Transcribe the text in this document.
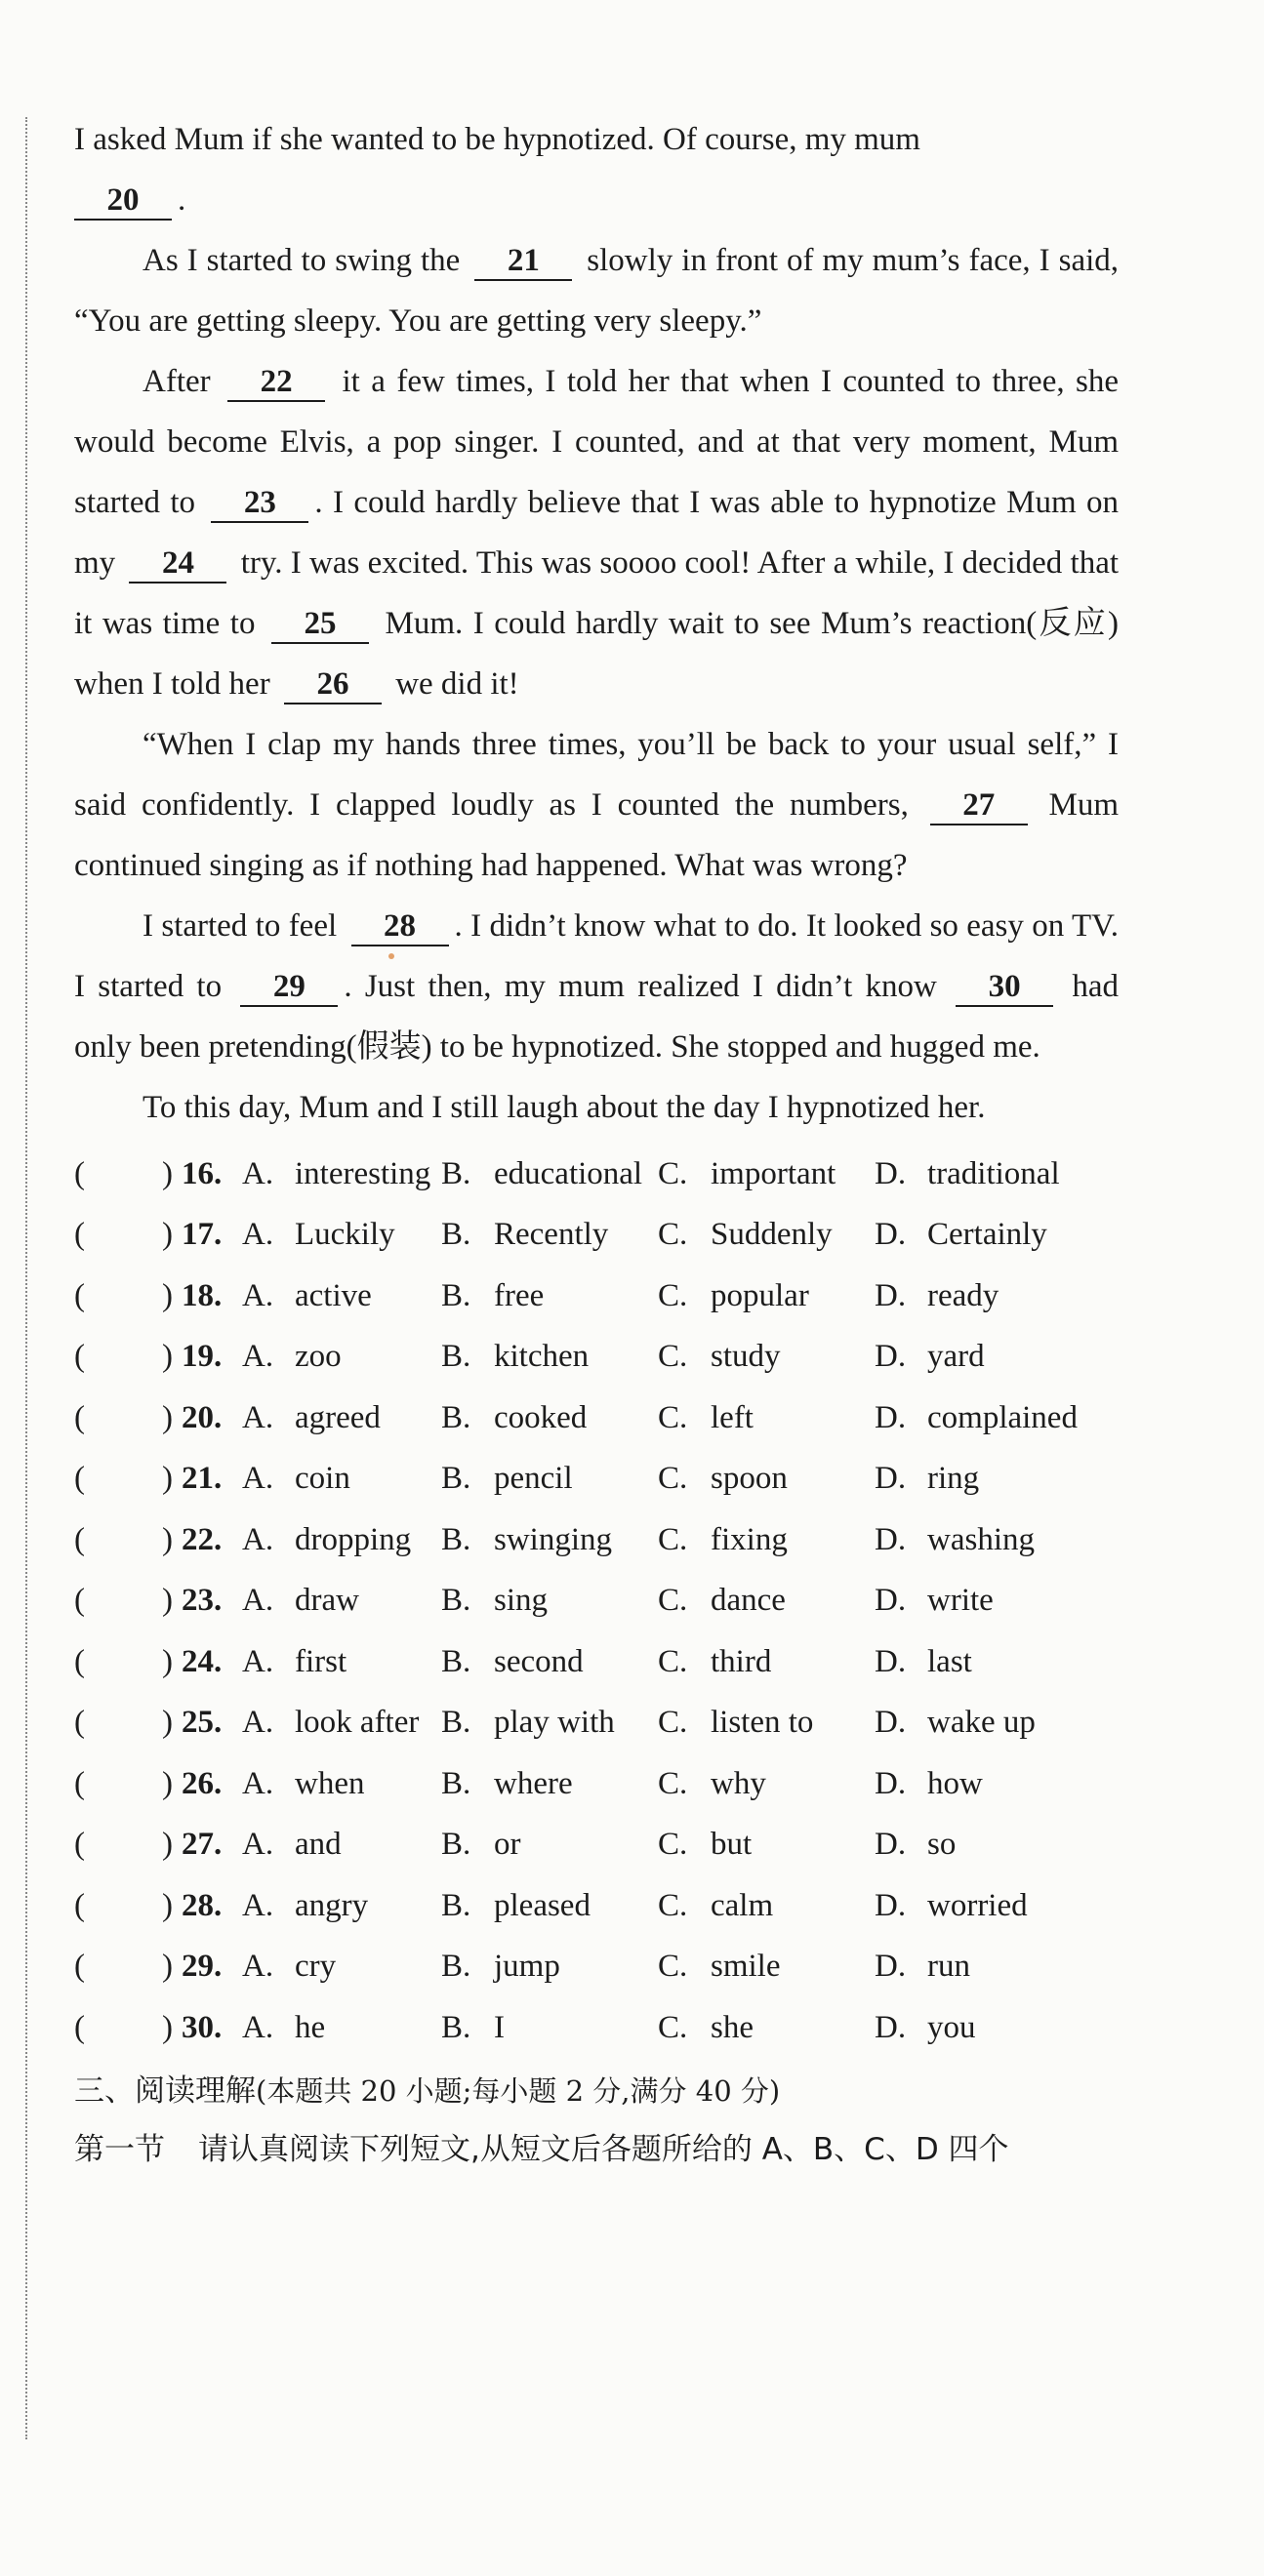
I asked Mum if she wanted to be hypnotized. Of course, my mum
20 .

As I started to swing the 21 slowly in front of my mum’s face, I said, “You are getting sleepy. You are getting very sleepy.”

After 22 it a few times, I told her that when I counted to three, she would become Elvis, a pop singer. I counted, and at that very moment, Mum started to 23 . I could hardly believe that I was able to hypnotize Mum on my 24 try. I was excited. This was soooo cool! After a while, I decided that it was time to 25 Mum. I could hardly wait to see Mum’s reaction(反应) when I told her 26 we did it!

“When I clap my hands three times, you’ll be back to your usual self,” I said confidently. I clapped loudly as I counted the numbers, 27 Mum continued singing as if nothing had happened. What was wrong?

I started to feel 28 . I didn’t know what to do. It looked so easy on TV. I started to 29 . Just then, my mum realized I didn’t know 30 had only been pretending(假装) to be hypnotized. She stopped and hugged me.

To this day, Mum and I still laugh about the day I hypnotized her.

(	) 16. A. interesting B. educational C. important D. traditional
(	) 17. A. Luckily B. Recently C. Suddenly D. Certainly
(	) 18. A. active B. free	C. popular D. ready
(	) 19. A. zoo	B. kitchen C. study	D. yard
(	) 20. A. agreed B. cooked C. left	D. complained
(	) 21. A. coin	B. pencil	C. spoon	D. ring
(	) 22. A. dropping B. swinging C. fixing	D. washing
(	) 23. A. draw	B. sing	C. dance	D. write
(	) 24. A. first	B. second C. third	D. last
(	) 25. A. look after B. play with C. listen to D. wake up
(	) 26. A. when B. where	C. why	D. how
(	) 27. A. and	B. or	C. but	D. so
(	) 28. A. angry B. pleased C. calm	D. worried
(	) 29. A. cry	B. jump	C. smile	D. run
(	) 30. A. he	B. I	C. she	D. you
三、阅读理解(本题共 20 小题;每小题 2 分,满分 40 分)
第一节 请认真阅读下列短文,从短文后各题所给的 A、B、C、D 四个
